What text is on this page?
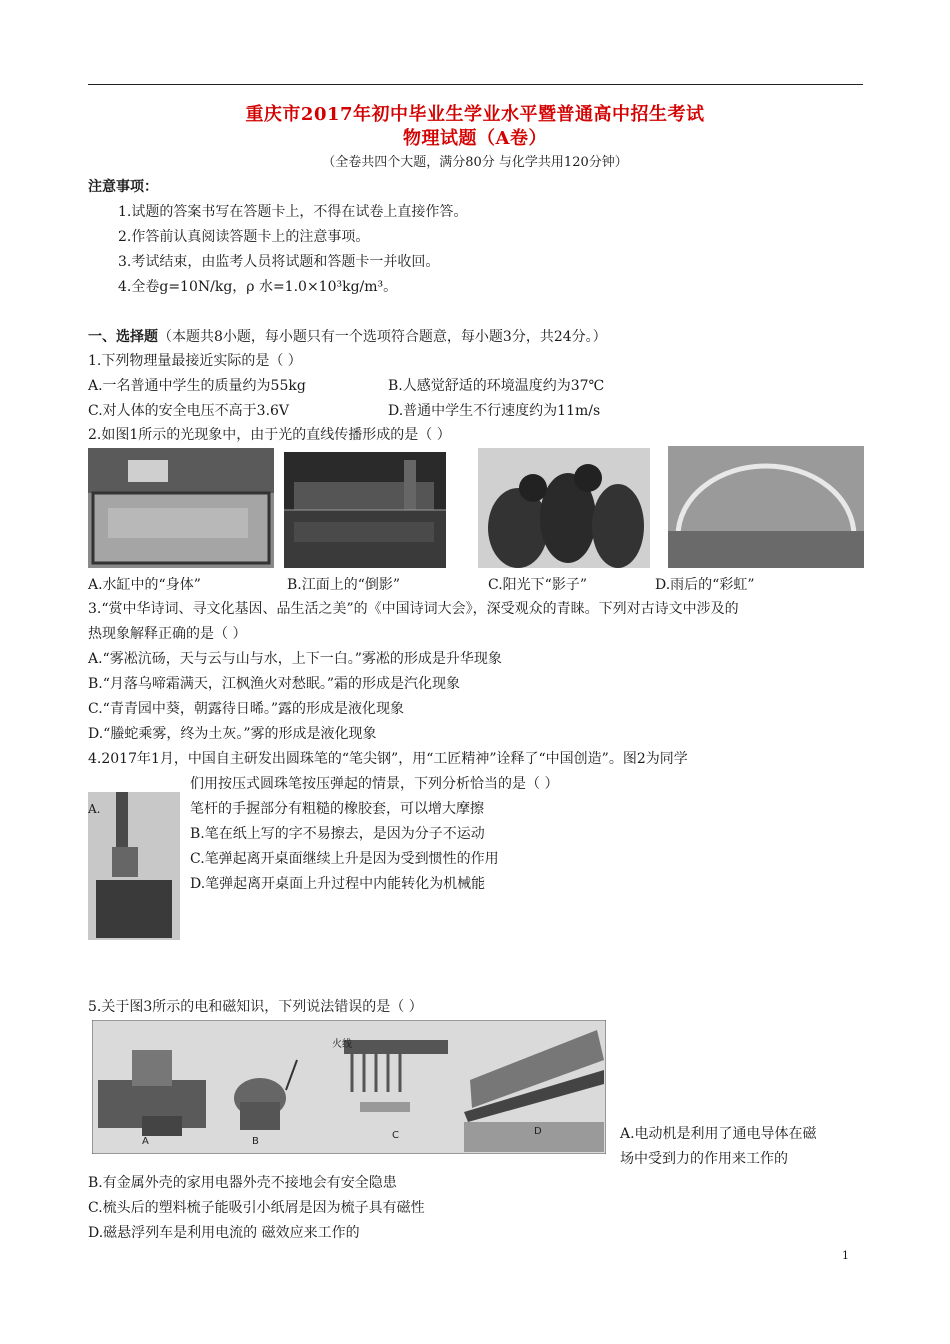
重庆市2017年初中毕业生学业水平暨普通高中招生考试
物理试题（A卷）
（全卷共四个大题，满分80分 与化学共用120分钟）
注意事项：
1.试题的答案书写在答题卡上，不得在试卷上直接作答。
2.作答前认真阅读答题卡上的注意事项。
3.考试结束，由监考人员将试题和答题卡一并收回。
4.全卷g=10N/kg，ρ 水=1.0×10³kg/m³。
一、选择题（本题共8小题，每小题只有一个选项符合题意，每小题3分，共24分。）
1.下列物理量最接近实际的是（ ）
A.一名普通中学生的质量约为55kg	B.人感觉舒适的环境温度约为37℃
C.对人体的安全电压不高于3.6V	D.普通中学生不行速度约为11m/s
2.如图1所示的光现象中，由于光的直线传播形成的是（ ）
A.水缸中的“身体”	B.江面上的“倒影”	C.阳光下“影子”	D.雨后的“彩虹”
3.“赏中华诗词、寻文化基因、品生活之美”的《中国诗词大会》，深受观众的青睐。下列对古诗文中涉及的
热现象解释正确的是（ ）
A.“雾凇沆砀，天与云与山与水，上下一白。”雾凇的形成是升华现象
B.“月落乌啼霜满天，江枫渔火对愁眠。”霜的形成是汽化现象
C.“青青园中葵，朝露待日晞。”露的形成是液化现象
D.“螣蛇乘雾，终为土灰。”雾的形成是液化现象
4.2017年1月，中国自主研发出圆珠笔的“笔尖钢”，用“工匠精神”诠释了“中国创造”。图2为同学
们用按压式圆珠笔按压弹起的情景，下列分析恰当的是（ ）
A.	笔杆的手握部分有粗糙的橡胶套，可以增大摩擦
B.笔在纸上写的字不易擦去，是因为分子不运动
C.笔弹起离开桌面继续上升是因为受到惯性的作用
D.笔弹起离开桌面上升过程中内能转化为机械能
5.关于图3所示的电和磁知识，下列说法错误的是（ ）
火线
A	B
C	D	A.电动机是利用了通电导体在磁
场中受到力的作用来工作的
B.有金属外壳的家用电器外壳不接地会有安全隐患
C.梳头后的塑料梳子能吸引小纸屑是因为梳子具有磁性
D.磁悬浮列车是利用电流的 磁效应来工作的
1
